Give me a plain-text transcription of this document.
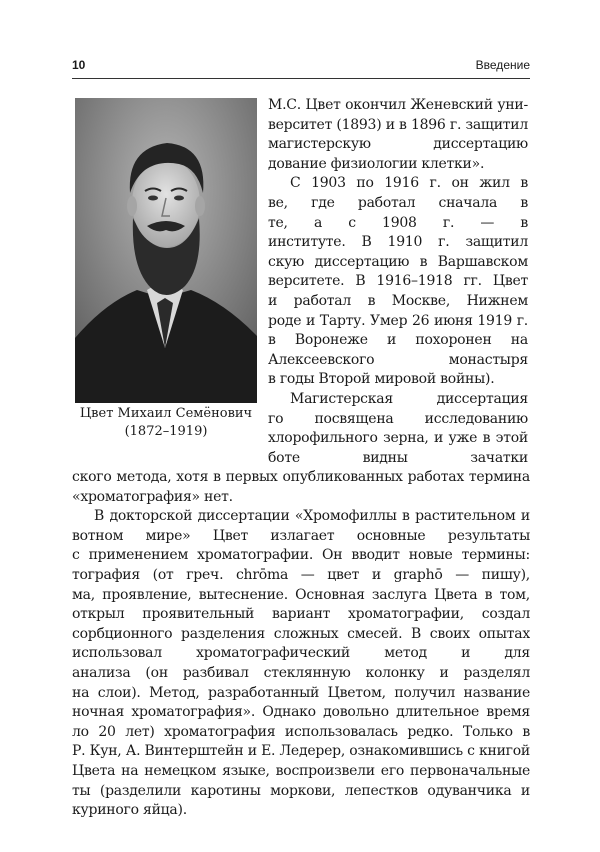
10	Введение
Цвет Михаил Семёнович
(1872–1919)
М.С. Цвет окончил Женевский уни-
верситет (1893) и в 1896 г. защитил
магистерскую диссертацию
дование физиологии клетки».
С 1903 по 1916 г. он жил в
ве, где работал сначала в
те, а с 1908 г. — в
институте. В 1910 г. защитил
скую диссертацию в Варшавском
верситете. В 1916–1918 гг. Цвет
и работал в Москве, Нижнем
роде и Тарту. Умер 26 июня 1919 г.
в Воронеже и похоронен на
Алексеевского монастыря
в годы Второй мировой войны).
Магистерская диссертация
го посвящена исследованию
хлорофильного зерна, и уже в этой
боте видны зачатки
ского метода, хотя в первых опубликованных работах термина
«хроматография» нет.
В докторской диссертации «Хромофиллы в растительном и
вотном мире» Цвет излагает основные результаты
с применением хроматографии. Он вводит новые термины:
тография (от греч. chrōma — цвет и graphō — пишу),
ма, проявление, вытеснение. Основная заслуга Цвета в том,
открыл проявительный вариант хроматографии, создал
сорбционного разделения сложных смесей. В своих опытах
использовал хроматографический метод и для
анализа (он разбивал стеклянную колонку и разделял
на слои). Метод, разработанный Цветом, получил название
ночная хроматография». Однако довольно длительное время
ло 20 лет) хроматография использовалась редко. Только в
Р. Кун, А. Винтерштейн и Е. Ледерер, ознакомившись с книгой
Цвета на немецком языке, воспроизвели его первоначальные
ты (разделили каротины моркови, лепестков одуванчика и
куриного яйца).
